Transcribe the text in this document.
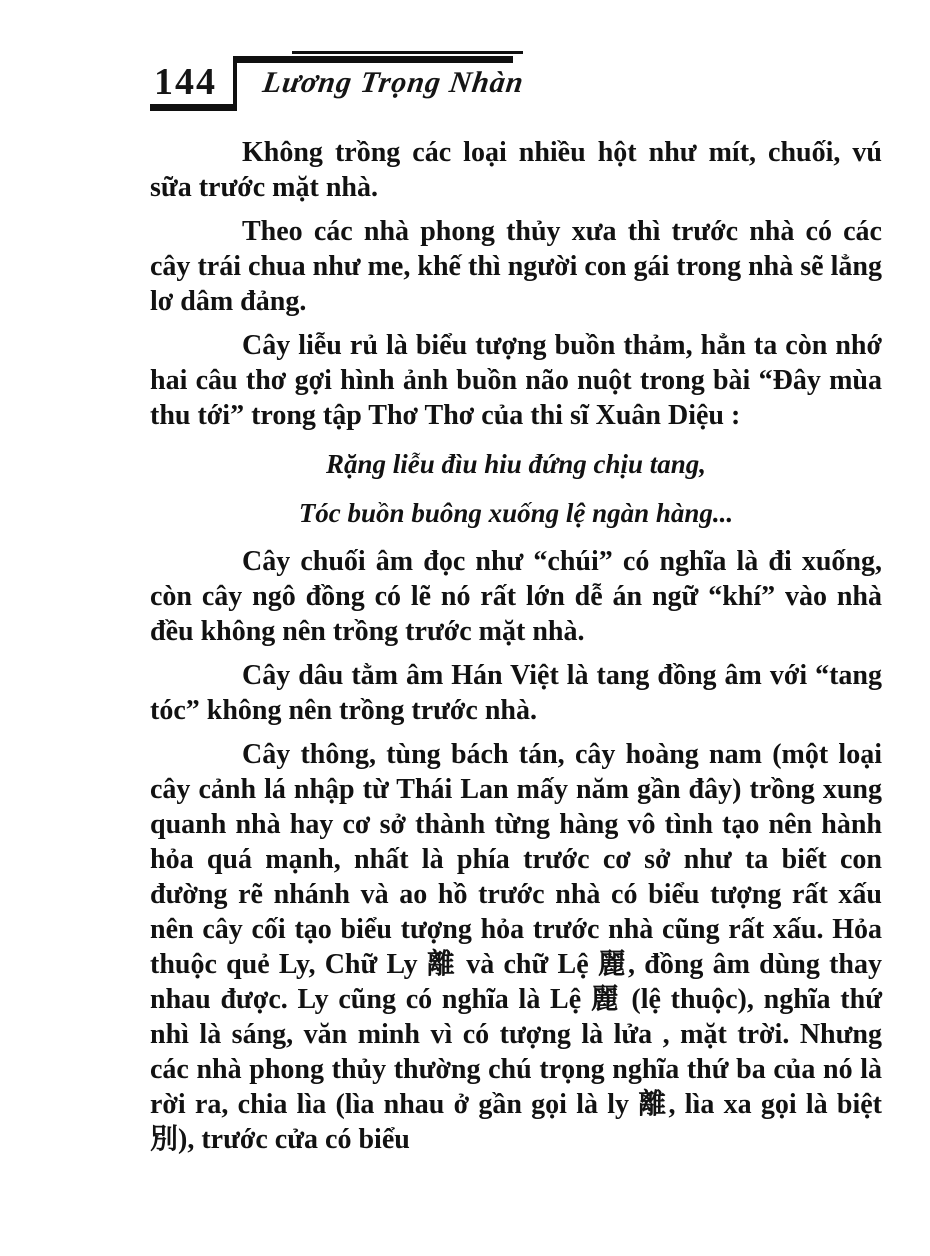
144	Lương Trọng Nhàn

Không trồng các loại nhiều hột như mít, chuối, vú sữa trước mặt nhà.

Theo các nhà phong thủy xưa thì trước nhà có các cây trái chua như me, khế thì người con gái trong nhà sẽ lẳng lơ dâm đảng.

Cây liễu rủ là biểu tượng buồn thảm, hẳn ta còn nhớ hai câu thơ gợi hình ảnh buồn não nuột trong bài “Đây mùa thu tới” trong tập Thơ Thơ của thi sĩ Xuân Diệu :

Rặng liễu đìu hiu đứng chịu tang,

Tóc buồn buông xuống lệ ngàn hàng...

Cây chuối âm đọc như “chúi” có nghĩa là đi xuống, còn cây ngô đồng có lẽ nó rất lớn dễ án ngữ “khí” vào nhà đều không nên trồng trước mặt nhà.

Cây dâu tằm âm Hán Việt là tang đồng âm với “tang tóc” không nên trồng trước nhà.

Cây thông, tùng bách tán, cây hoàng nam (một loại cây cảnh lá nhập từ Thái Lan mấy năm gần đây) trồng xung quanh nhà hay cơ sở thành từng hàng vô tình tạo nên hành hỏa quá mạnh, nhất là phía trước cơ sở như ta biết con đường rẽ nhánh và ao hồ trước nhà có biểu tượng rất xấu nên cây cối tạo biểu tượng hỏa trước nhà cũng rất xấu. Hỏa thuộc quẻ Ly, Chữ Ly 離 và chữ Lệ 麗, đồng âm dùng thay nhau được. Ly cũng có nghĩa là Lệ 麗 (lệ thuộc), nghĩa thứ nhì là sáng, văn minh vì có tượng là lửa , mặt trời. Nhưng các nhà phong thủy thường chú trọng nghĩa thứ ba của nó là rời ra, chia lìa (lìa nhau ở gần gọi là ly 離, lìa xa gọi là biệt 別), trước cửa có biểu
